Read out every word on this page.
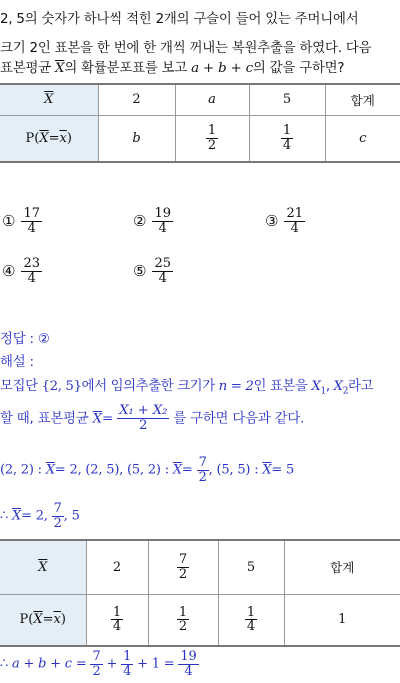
2, 5의 숫자가 하나씩 적힌 2개의 구슬이 들어 있는 주머니에서
크기 2인 표본을 한 번에 한 개씩 꺼내는 복원추출을 하였다. 다음
표본평균 $\overline{X}$의 확률분포표를 보고 a + b + c의 값을 구하면?
$\overline{X}$	2	a	5	합계
$P(\overline{X}=\overline{x})$	b	$\frac{1}{2}$	$\frac{1}{4}$	c
① $\frac{17}{4}$	② $\frac{19}{4}$	③ $\frac{21}{4}$
④ $\frac{23}{4}$	⑤ $\frac{25}{4}$
정답 : ②
해설 :
모집단 {2, 5}에서 임의추출한 크기가 n = 2인 표본을 $X_1$, $X_2$라고
할 때, 표본평균 $\overline{X}= \frac{\text{X₁ + X₂}}{2}$ 를 구하면 다음과 같다.
(2, 2) : $\overline{X}= 2$, (2, 5), (5, 2) : $\overline{X}= \frac{7}{2}$ , (5, 5) : $\overline{X}= 5$
∴ $\overline{X}= 2$, $\frac{7}{2}$ , 5
$\overline{X}$	2	$\frac{7}{2}$	5	합계
$P(\overline{X}=\overline{x})$	$\frac{1}{4}$	$\frac{1}{2}$	$\frac{1}{4}$	1
∴ $a + b + c = \frac{7}{2} + \frac{1}{4} + 1 = \frac{19}{4}$
